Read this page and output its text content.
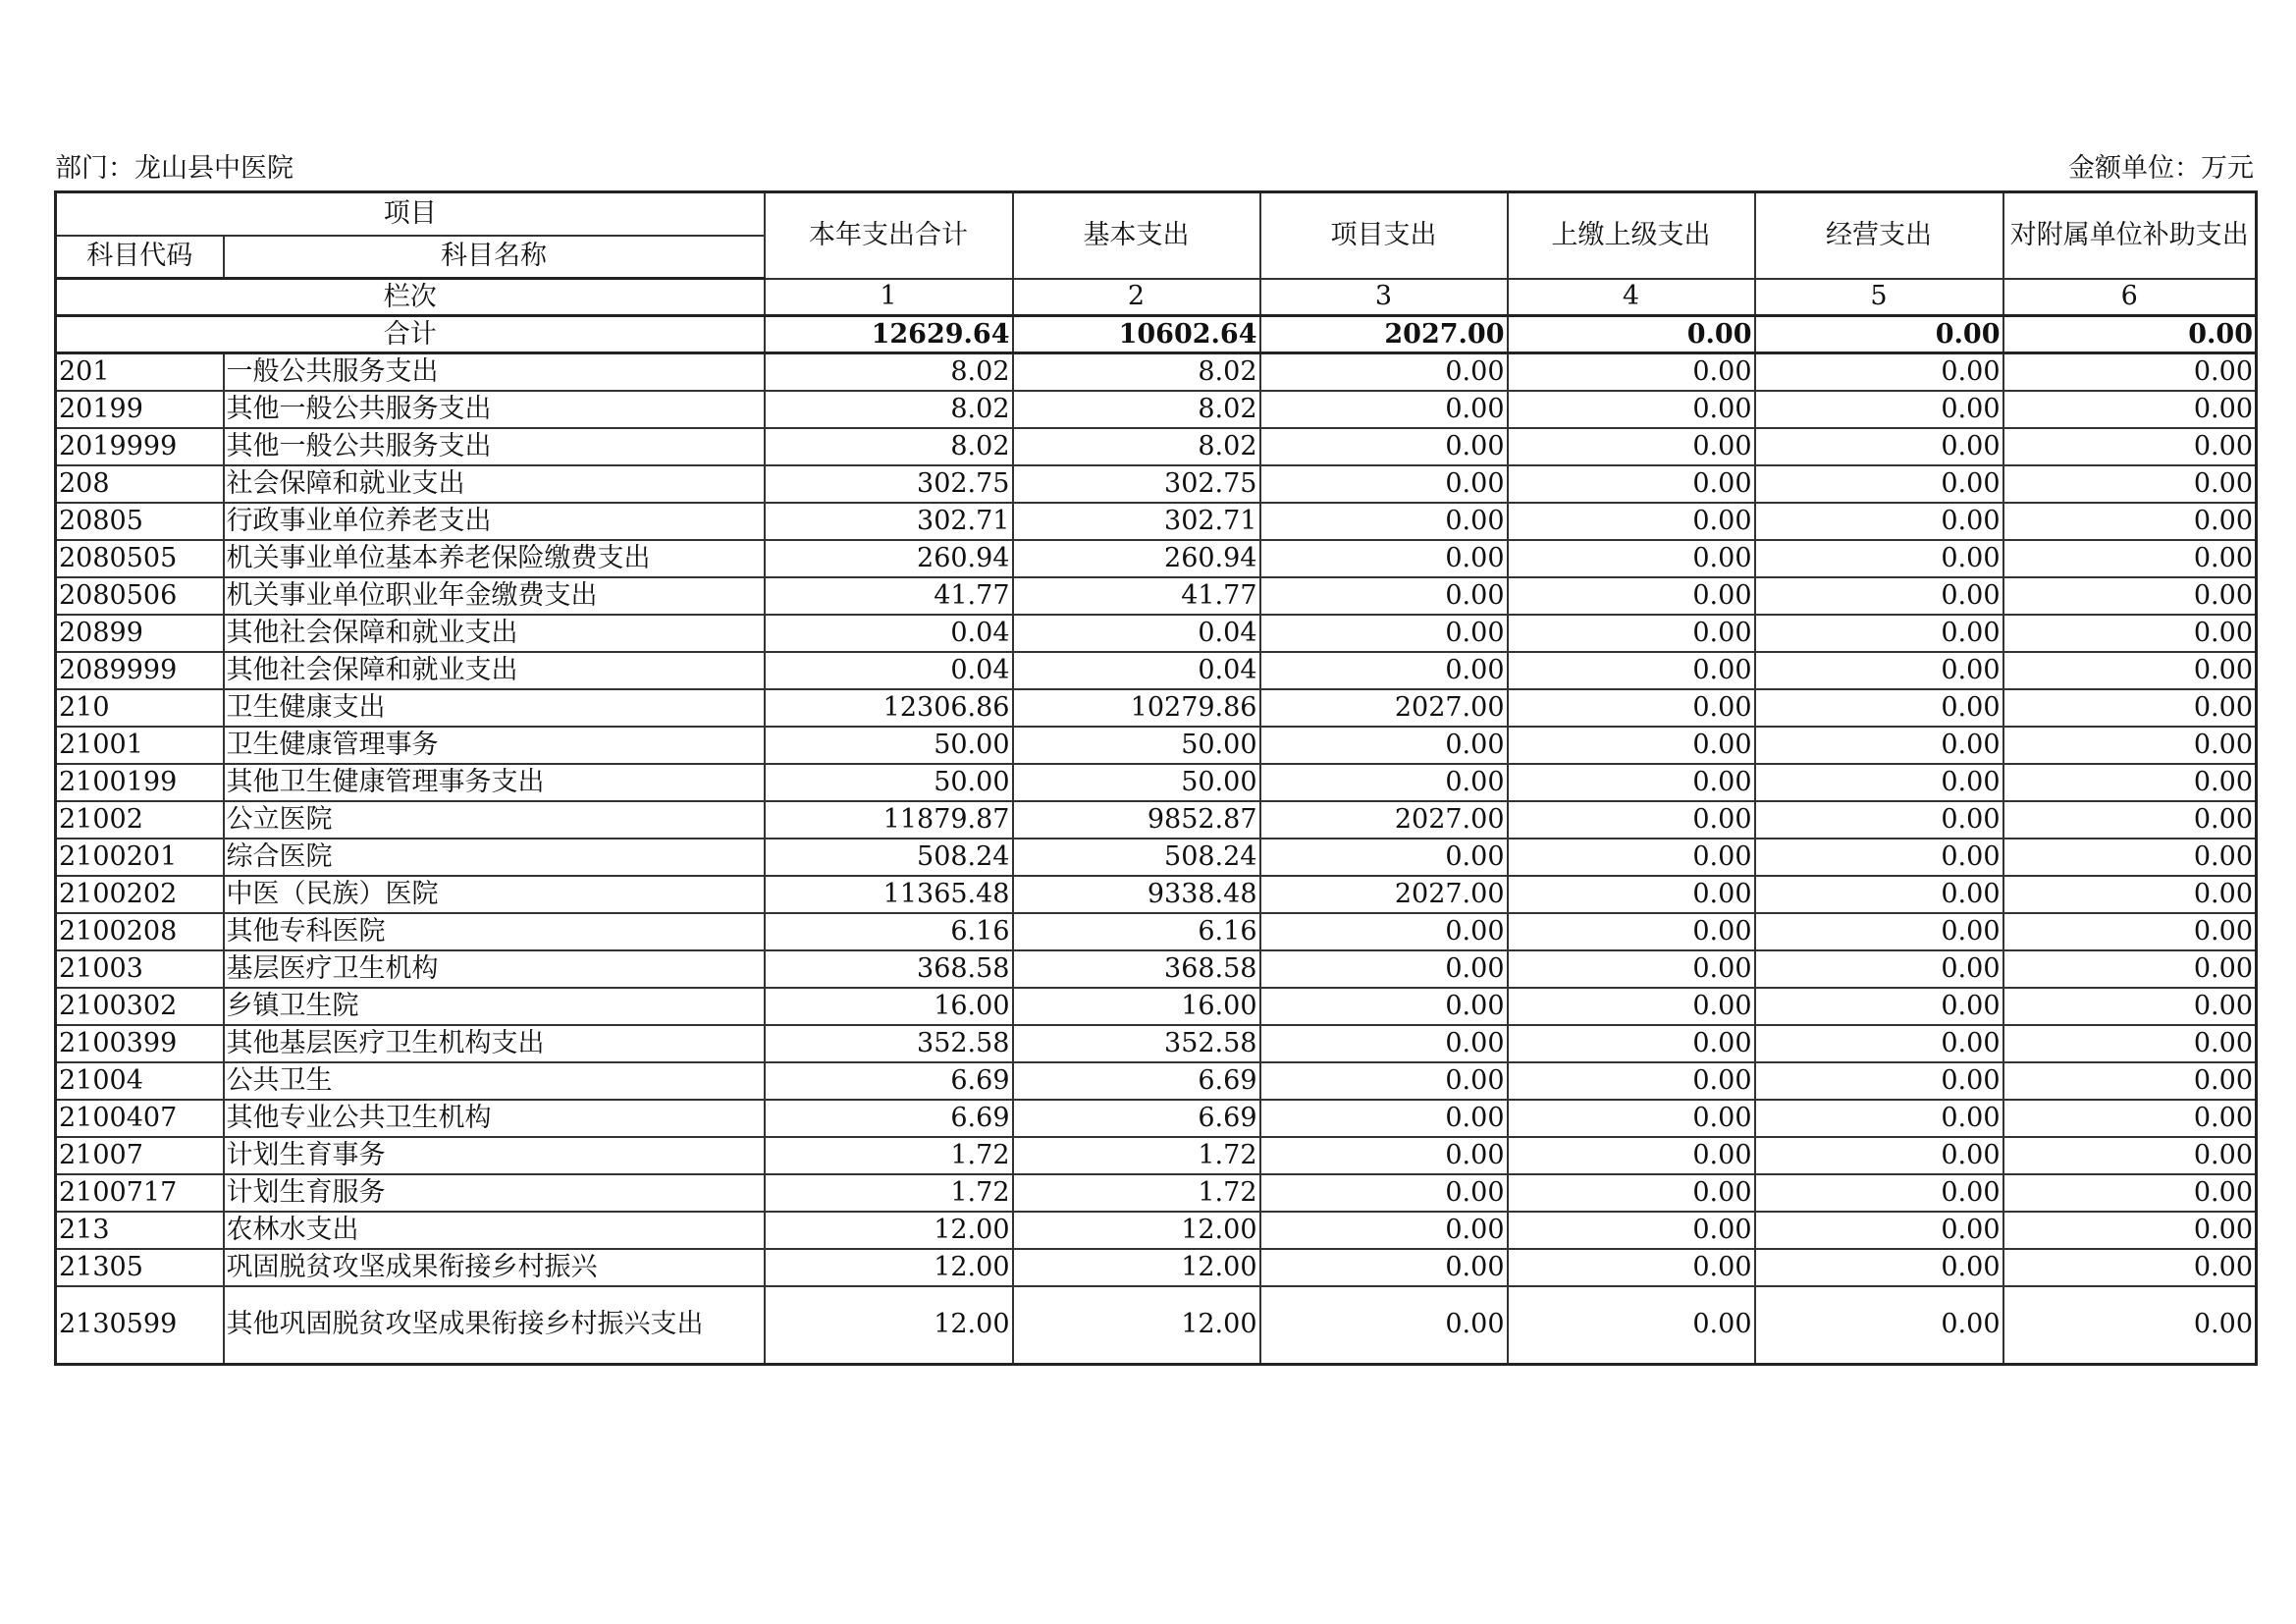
部门：龙山县中医院	金额单位：万元
项目		本年支出合计	基本支出	项目支出	上缴上级支出	经营支出	对附属单位补助支出
科目代码	科目名称						
栏次		1	2	3	4	5	6
合计		12629.64	10602.64	2027.00	0.00	0.00	0.00
201	一般公共服务支出	8.02	8.02	0.00	0.00	0.00	0.00
20199	其他一般公共服务支出	8.02	8.02	0.00	0.00	0.00	0.00
2019999	其他一般公共服务支出	8.02	8.02	0.00	0.00	0.00	0.00
208	社会保障和就业支出	302.75	302.75	0.00	0.00	0.00	0.00
20805	行政事业单位养老支出	302.71	302.71	0.00	0.00	0.00	0.00
2080505	机关事业单位基本养老保险缴费支出	260.94	260.94	0.00	0.00	0.00	0.00
2080506	机关事业单位职业年金缴费支出	41.77	41.77	0.00	0.00	0.00	0.00
20899	其他社会保障和就业支出	0.04	0.04	0.00	0.00	0.00	0.00
2089999	其他社会保障和就业支出	0.04	0.04	0.00	0.00	0.00	0.00
210	卫生健康支出	12306.86	10279.86	2027.00	0.00	0.00	0.00
21001	卫生健康管理事务	50.00	50.00	0.00	0.00	0.00	0.00
2100199	其他卫生健康管理事务支出	50.00	50.00	0.00	0.00	0.00	0.00
21002	公立医院	11879.87	9852.87	2027.00	0.00	0.00	0.00
2100201	综合医院	508.24	508.24	0.00	0.00	0.00	0.00
2100202	中医（民族）医院	11365.48	9338.48	2027.00	0.00	0.00	0.00
2100208	其他专科医院	6.16	6.16	0.00	0.00	0.00	0.00
21003	基层医疗卫生机构	368.58	368.58	0.00	0.00	0.00	0.00
2100302	乡镇卫生院	16.00	16.00	0.00	0.00	0.00	0.00
2100399	其他基层医疗卫生机构支出	352.58	352.58	0.00	0.00	0.00	0.00
21004	公共卫生	6.69	6.69	0.00	0.00	0.00	0.00
2100407	其他专业公共卫生机构	6.69	6.69	0.00	0.00	0.00	0.00
21007	计划生育事务	1.72	1.72	0.00	0.00	0.00	0.00
2100717	计划生育服务	1.72	1.72	0.00	0.00	0.00	0.00
213	农林水支出	12.00	12.00	0.00	0.00	0.00	0.00
21305	巩固脱贫攻坚成果衔接乡村振兴	12.00	12.00	0.00	0.00	0.00	0.00
2130599	其他巩固脱贫攻坚成果衔接乡村振兴支出	12.00	12.00	0.00	0.00	0.00	0.00
